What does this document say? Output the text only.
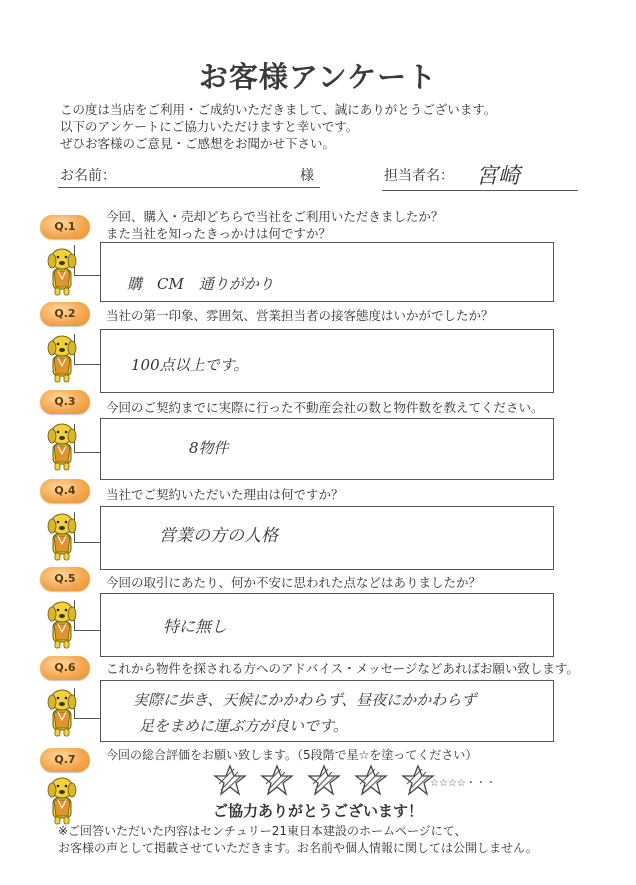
お客様アンケート
この度は当店をご利用・ご成約いただきまして、誠にありがとうございます。
以下のアンケートにご協力いただけますと幸いです。
ぜひお客様のご意見・ご感想をお聞かせ下さい。
お名前：	様	担当者名： 宮崎
Q.1
今回、購入・売却どちらで当社をご利用いただきましたか？
また当社を知ったきっかけは何ですか？
購　CM　通りがかり
Q.2	当社の第一印象、雰囲気、営業担当者の接客態度はいかがでしたか？
100点以上です。
Q.3	今回のご契約までに実際に行った不動産会社の数と物件数を教えてください。
8物件
Q.4	当社でご契約いただいた理由は何ですか？
営業の方の人格
Q.5	今回の取引にあたり、何か不安に思われた点などはありましたか？
特に無し
Q.6	これから物件を探される方へのアドバイス・メッセージなどあればお願い致します。
実際に歩き、天候にかかわらず、昼夜にかかわらず
足をまめに運ぶ方が良いです。
Q.7	今回の総合評価をお願い致します。（5段階で星☆を塗ってください）

☆☆☆☆・・・
ご協力ありがとうございます！
※ご回答いただいた内容はセンチュリー21東日本建設のホームページにて、
お客様の声として掲載させていただきます。お名前や個人情報に関しては公開しません。
